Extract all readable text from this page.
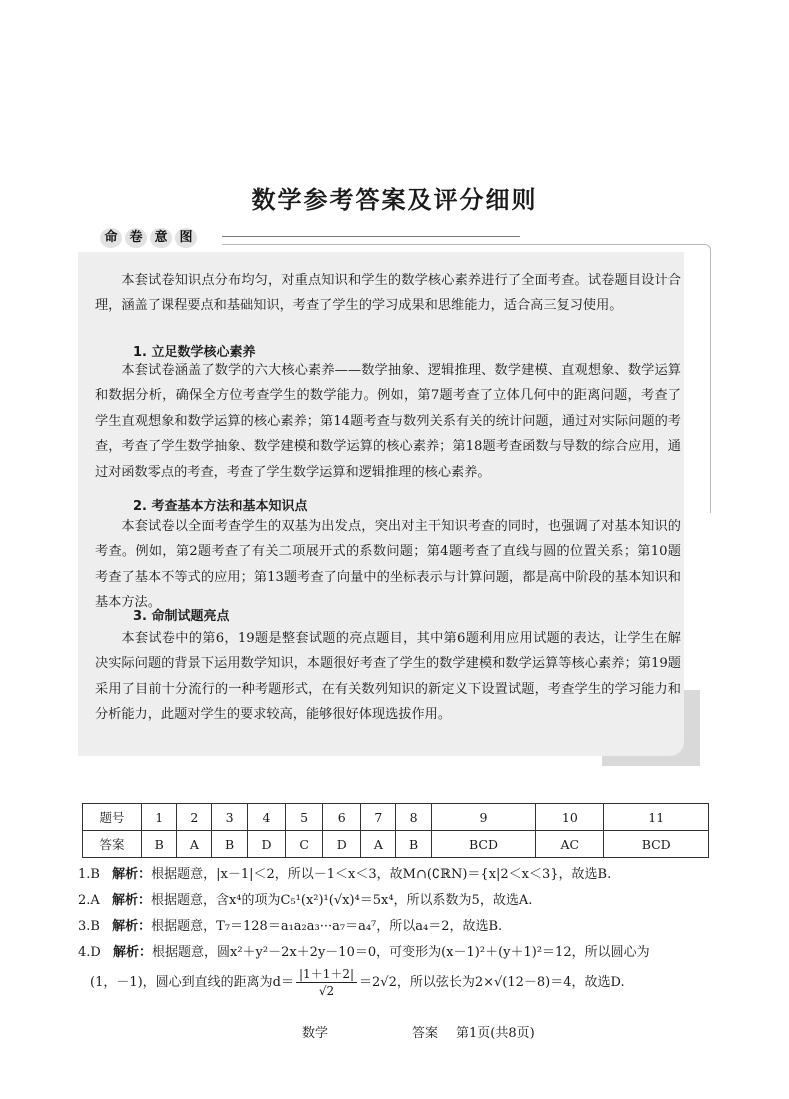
数学参考答案及评分细则
命 卷 意 图

本套试卷知识点分布均匀，对重点知识和学生的数学核心素养进行了全面考查。试卷题目设计合理，涵盖了课程要点和基础知识，考查了学生的学习成果和思维能力，适合高三复习使用。

1. 立足数学核心素养

本套试卷涵盖了数学的六大核心素养——数学抽象、逻辑推理、数学建模、直观想象、数学运算和数据分析，确保全方位考查学生的数学能力。例如，第7题考查了立体几何中的距离问题，考查了学生直观想象和数学运算的核心素养；第14题考查与数列关系有关的统计问题，通过对实际问题的考查，考查了学生数学抽象、数学建模和数学运算的核心素养；第18题考查函数与导数的综合应用，通过对函数零点的考查，考查了学生数学运算和逻辑推理的核心素养。

2. 考查基本方法和基本知识点

本套试卷以全面考查学生的双基为出发点，突出对主干知识考查的同时，也强调了对基本知识的考查。例如，第2题考查了有关二项展开式的系数问题；第4题考查了直线与圆的位置关系；第10题考查了基本不等式的应用；第13题考查了向量中的坐标表示与计算问题，都是高中阶段的基本知识和基本方法。

3. 命制试题亮点

本套试卷中的第6，19题是整套试题的亮点题目，其中第6题利用应用试题的表达，让学生在解决实际问题的背景下运用数学知识，本题很好考查了学生的数学建模和数学运算等核心素养；第19题采用了目前十分流行的一种考题形式，在有关数列知识的新定义下设置试题，考查学生的学习能力和分析能力，此题对学生的要求较高，能够很好体现选拔作用。

题号	1	2	3	4	5	6	7	8	9	10	11
答案	B	A	B	D	C	D	A	B	BCD	AC	BCD
1.B 解析：根据题意，|x－1|＜2，所以－1＜x＜3，故M∩(∁ℝN)＝{x|2＜x＜3}，故选B.
2.A 解析：根据题意，含x⁴的项为C₅¹(x²)¹(√x)⁴＝5x⁴，所以系数为5，故选A.
3.B 解析：根据题意，T₇＝128＝a₁a₂a₃···a₇＝a₄⁷，所以a₄＝2，故选B.
4.D 解析：根据题意，圆x²＋y²－2x＋2y－10＝0，可变形为(x－1)²＋(y＋1)²＝12，所以圆心为
(1，－1)，圆心到直线的距离为$d= \frac{|1+1+2|}{√2} =2√2$，所以弦长为2×√(12－8)＝4，故选D.
数学	答案 第1页(共8页)
